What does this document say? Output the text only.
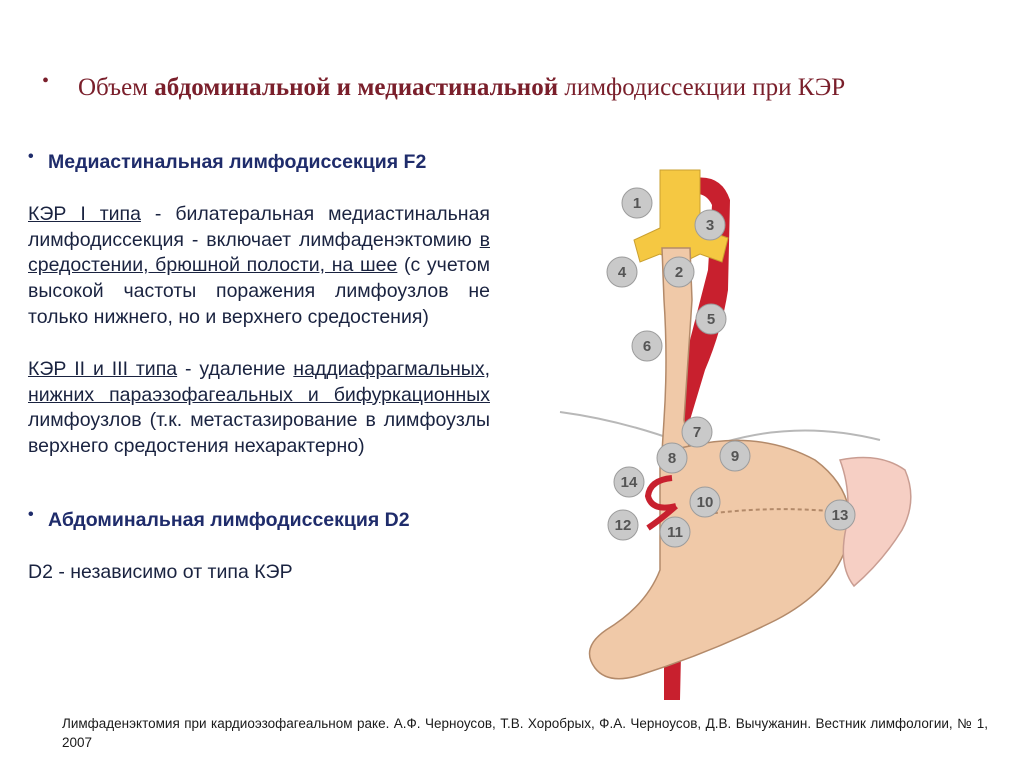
• Объем абдоминальной и медиастинальной лимфодиссекции при КЭР
• Медиастинальная лимфодиссекция F2
КЭР I типа - билатеральная медиастинальная лимфодиссекция - включает лимфаденэктомию в средостении, брюшной полости, на шее (с учетом высокой частоты поражения лимфоузлов не только нижнего, но и верхнего средостения)
КЭР II и III типа - удаление наддиафрагмальных, нижних параэзофагеальных и бифуркационных лимфоузлов (т.к. метастазирование в лимфоузлы верхнего средостения нехарактерно)
• Абдоминальная лимфодиссекция D2
D2 - независимо от типа КЭР
1
3
4	2
5
6
7
8	9
14
10
12 11
13
Лимфаденэктомия при кардиоэзофагеальном раке. А.Ф. Черноусов, Т.В. Хоробрых, Ф.А. Черноусов, Д.В. Вычужанин. Вестник лимфологии, № 1, 2007
